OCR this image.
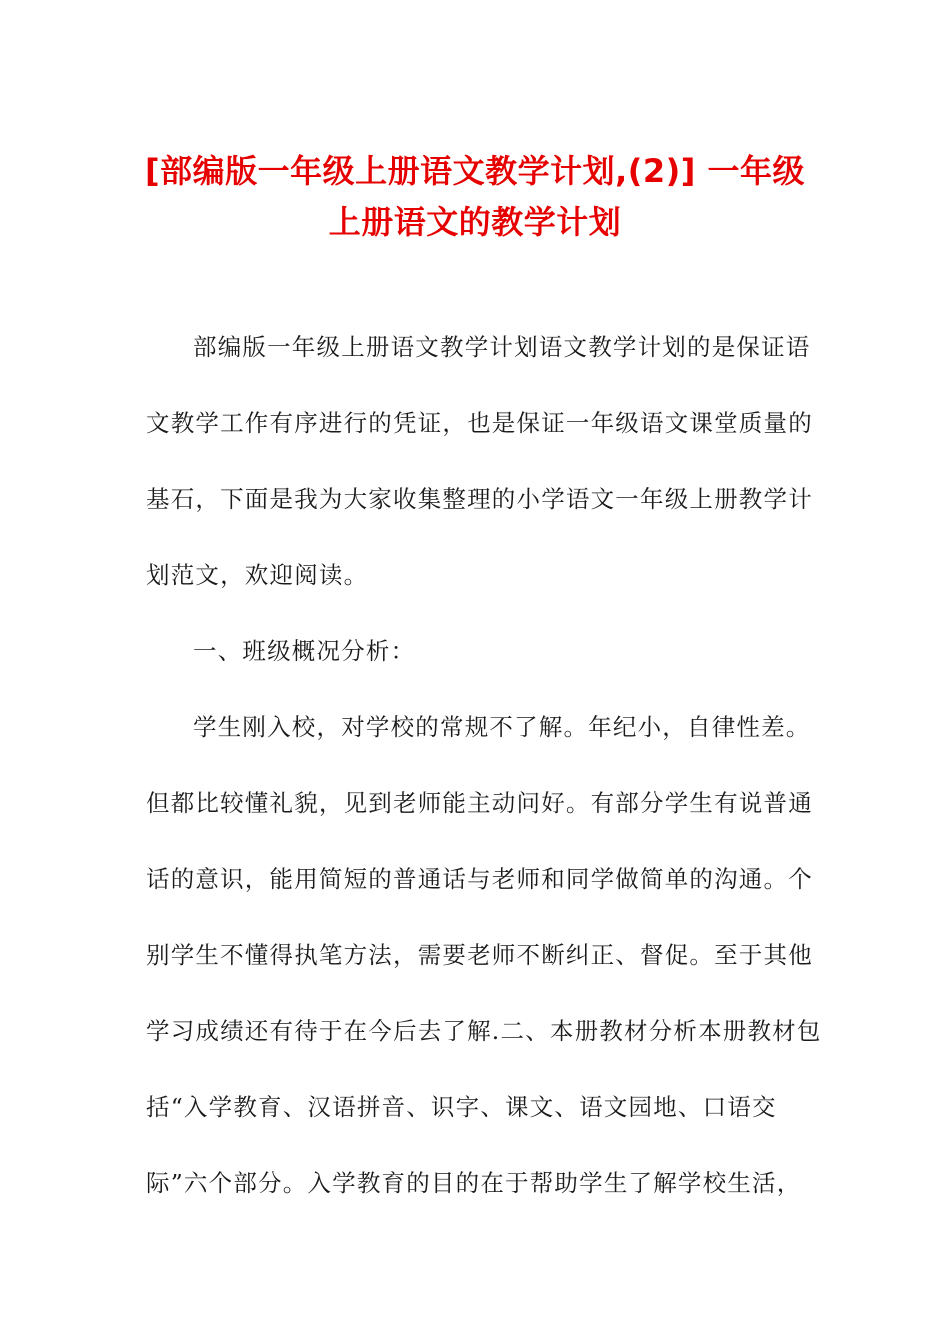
[部编版一年级上册语文教学计划,(2)] 一年级
上册语文的教学计划
部编版一年级上册语文教学计划语文教学计划的是保证语
文教学工作有序进行的凭证，也是保证一年级语文课堂质量的
基石，下面是我为大家收集整理的小学语文一年级上册教学计
划范文，欢迎阅读。
一、班级概况分析：
学生刚入校，对学校的常规不了解。年纪小，自律性差。
但都比较懂礼貌，见到老师能主动问好。有部分学生有说普通
话的意识，能用简短的普通话与老师和同学做简单的沟通。个
别学生不懂得执笔方法，需要老师不断纠正、督促。至于其他
学习成绩还有待于在今后去了解.二、本册教材分析本册教材包
括“入学教育、汉语拼音、识字、课文、语文园地、口语交
际”六个部分。入学教育的目的在于帮助学生了解学校生活，
